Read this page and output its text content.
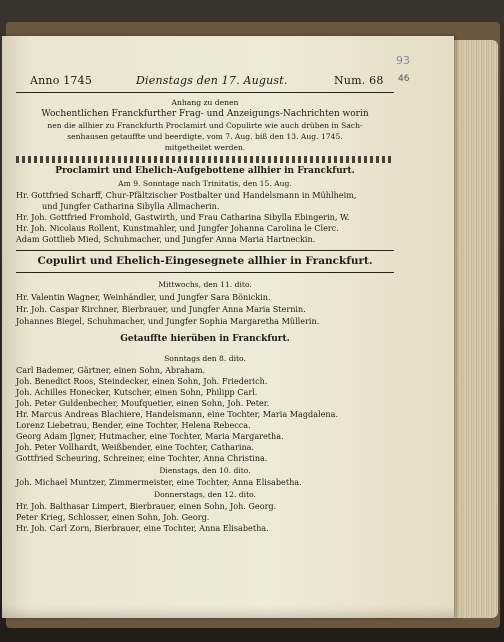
93
46
Anno 1745	Dienstags den 17. August.	Num. 68
Anhang zu denen
Wochentlichen Franckfurther Frag- und Anzeigungs-Nachrichten worin
nen die allhier zu Franckfurth Proclamirt und Copulirte wie auch drüben in Sach-
senhausen getauffte und beerdigte, vom 7. Aug. biß den 13. Aug. 1745.
mitgetheilet werden.
Proclamirt und Ehelich-Aufgebottene allhier in Franckfurt.
Am 9. Sonntage nach Trinitatis, den 15. Aug.
Hr. Gottfried Scharff, Chur-Pfältzischer Postbalter und Handelsmann in Mühlheim,
und Jungfer Catharina Sibylla Allmacherin.
Hr. Joh. Gottfried Fromhold, Gastwirth, und Frau Catharina Sibylla Ebingerin, W.
Hr. Joh. Nicolaus Rollent, Kunstmahler, und Jungfer Johanna Carolina le Clerc.
Adam Gottlieb Mied, Schuhmacher, und Jungfer Anna Maria Hartneckin.
Copulirt und Ehelich-Eingesegnete allhier in Franckfurt.
Mittwochs, den 11. dito.
Hr. Valentin Wagner, Weinhändler, und Jungfer Sara Bönickin.
Hr. Joh. Caspar Kirchner, Bierbrauer, und Jungfer Anna Maria Sternin.
Johannes Biegel, Schuhmacher, und Jungfer Sophia Margaretha Müllerin.
Getauffte hierüben in Franckfurt.
Sonntags den 8. dito.
Carl Bademer, Gärtner, einen Sohn, Abraham.
Joh. Benedict Roos, Steindecker, einen Sohn, Joh. Friederich.
Joh. Achilles Honecker, Kutscher, einen Sohn, Philipp Carl.
Joh. Peter Guldenbecher, Moufquetier, einen Sohn, Joh. Peter.
Hr. Marcus Andreas Blachiere, Handelsmann, eine Tochter, Maria Magdalena.
Lorenz Liebetrau, Bender, eine Tochter, Helena Rebecca.
Georg Adam Jlgner, Hutmacher, eine Tochter, Maria Margaretha.
Joh. Peter Vollhardt, Weißbender, eine Tochter, Catharina.
Gottfried Scheuring, Schreiner, eine Tochter, Anna Christina.
Dienstags, den 10. dito.
Joh. Michael Muntzer, Zimmermeister, eine Tochter, Anna Elisabetha.
Donnerstags, den 12. dito.
Hr. Joh. Balthasar Limpert, Bierbrauer, einen Sohn, Joh. Georg.
Peter Krieg, Schlosser, einen Sohn, Joh. Georg.
Hr. Joh. Carl Zorn, Bierbrauer, eine Tochter, Anna Elisabetha.
